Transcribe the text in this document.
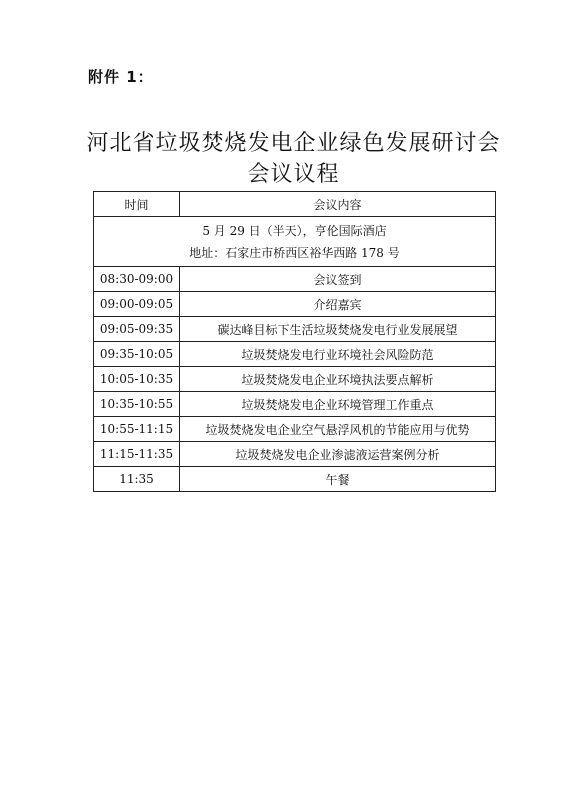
附件 1：
河北省垃圾焚烧发电企业绿色发展研讨会
会议议程
时间	会议内容

5 月 29 日（半天），亨伦国际酒店
地址：石家庄市桥西区裕华西路 178 号	

08:30-09:00	会议签到
09:00-09:05	介绍嘉宾
09:05-09:35	碳达峰目标下生活垃圾焚烧发电行业发展展望
09:35-10:05	垃圾焚烧发电行业环境社会风险防范
10:05-10:35	垃圾焚烧发电企业环境执法要点解析
10:35-10:55	垃圾焚烧发电企业环境管理工作重点
10:55-11:15	垃圾焚烧发电企业空气悬浮风机的节能应用与优势
11:15-11:35	垃圾焚烧发电企业渗滤液运营案例分析
11:35	午餐
